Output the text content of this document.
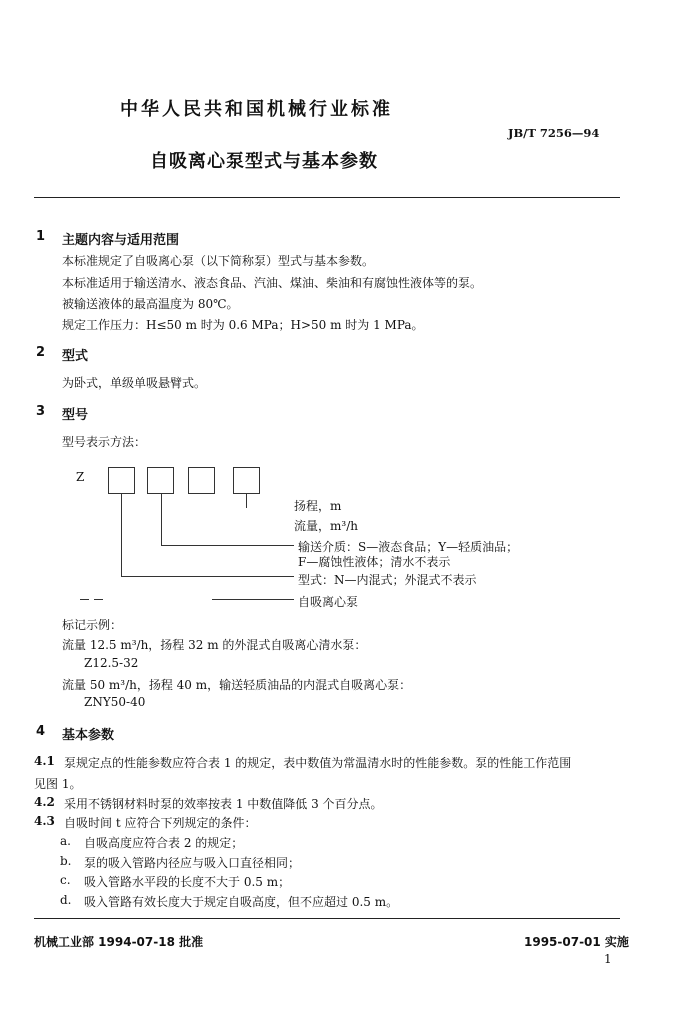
中华人民共和国机械行业标准
JB/T 7256—94
自吸离心泵型式与基本参数
1 主题内容与适用范围
本标准规定了自吸离心泵（以下简称泵）型式与基本参数。
本标准适用于输送清水、液态食品、汽油、煤油、柴油和有腐蚀性液体等的泵。
被输送液体的最高温度为 80℃。
规定工作压力：H≤50 m 时为 0.6 MPa；H>50 m 时为 1 MPa。
2 型式
为卧式，单级单吸悬臂式。
3 型号
型号表示方法：
Z
扬程，m
流量，m³/h
输送介质：S—液态食品；Y—轻质油品；
F—腐蚀性液体；清水不表示
型式：N—内混式；外混式不表示
自吸离心泵
标记示例：
流量 12.5 m³/h，扬程 32 m 的外混式自吸离心清水泵：
Z12.5-32
流量 50 m³/h，扬程 40 m，输送轻质油品的内混式自吸离心泵：
ZNY50-40
4 基本参数
4.1 泵规定点的性能参数应符合表 1 的规定，表中数值为常温清水时的性能参数。泵的性能工作范围
见图 1。
4.2 采用不锈钢材料时泵的效率按表 1 中数值降低 3 个百分点。
4.3 自吸时间 t 应符合下列规定的条件：
a. 自吸高度应符合表 2 的规定；
b. 泵的吸入管路内径应与吸入口直径相同；
c. 吸入管路水平段的长度不大于 0.5 m；
d. 吸入管路有效长度大于规定自吸高度，但不应超过 0.5 m。
机械工业部 1994-07-18 批准	1995-07-01 实施
1
